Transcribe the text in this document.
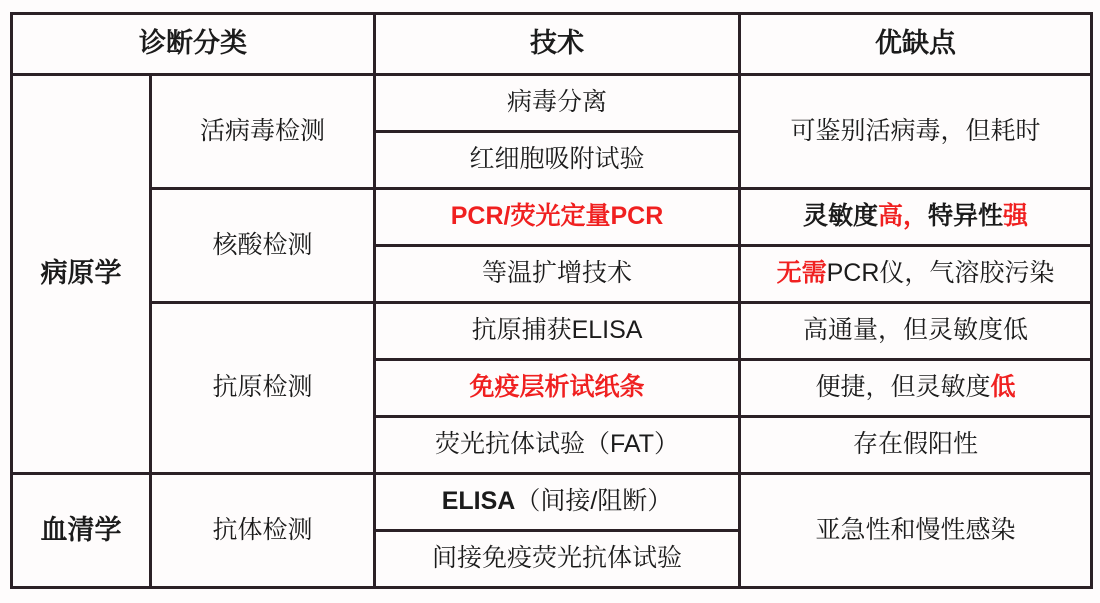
诊断分类		技术	优缺点
病原学	活病毒检测	病毒分离	可鉴别活病毒，但耗时
		红细胞吸附试验	
	核酸检测	PCR/荧光定量PCR	灵敏度高，特异性强
		等温扩增技术	无需PCR仪，气溶胶污染
	抗原检测	抗原捕获ELISA	高通量，但灵敏度低
		免疫层析试纸条	便捷，但灵敏度低
		荧光抗体试验（FAT）	存在假阳性
血清学	抗体检测	ELISA（间接/阻断）	亚急性和慢性感染
		间接免疫荧光抗体试验	
